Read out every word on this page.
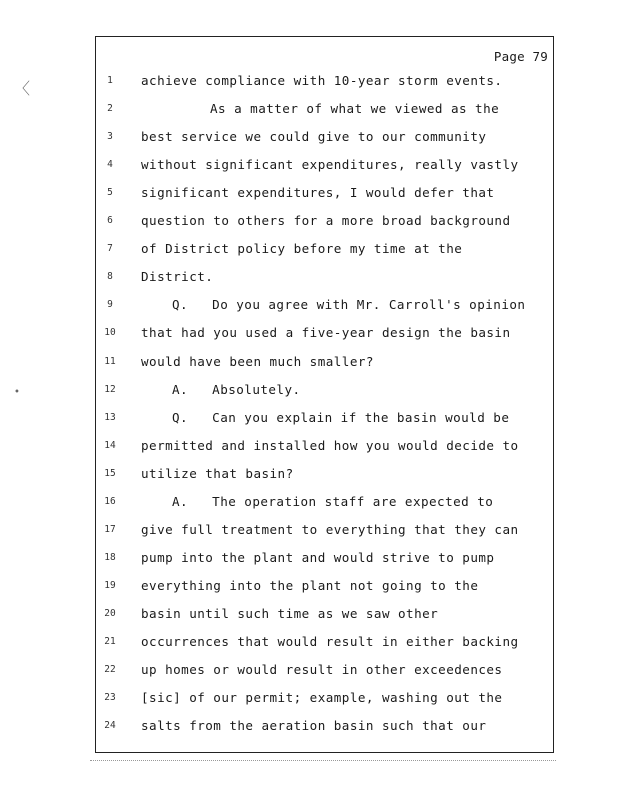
Page 79
1	achieve compliance with 10-year storm events.
2	As a matter of what we viewed as the
3	best service we could give to our community
4	without significant expenditures, really vastly
5	significant expenditures, I would defer that
6	question to others for a more broad background
7	of District policy before my time at the
8	District.
9	Q.   Do you agree with Mr. Carroll's opinion
10	that had you used a five-year design the basin
11	would have been much smaller?
12	A.   Absolutely.
13	Q.   Can you explain if the basin would be
14	permitted and installed how you would decide to
15	utilize that basin?
16	A.   The operation staff are expected to
17	give full treatment to everything that they can
18	pump into the plant and would strive to pump
19	everything into the plant not going to the
20	basin until such time as we saw other
21	occurrences that would result in either backing
22	up homes or would result in other exceedences
23	[sic] of our permit; example, washing out the
24	salts from the aeration basin such that our
〈
•
